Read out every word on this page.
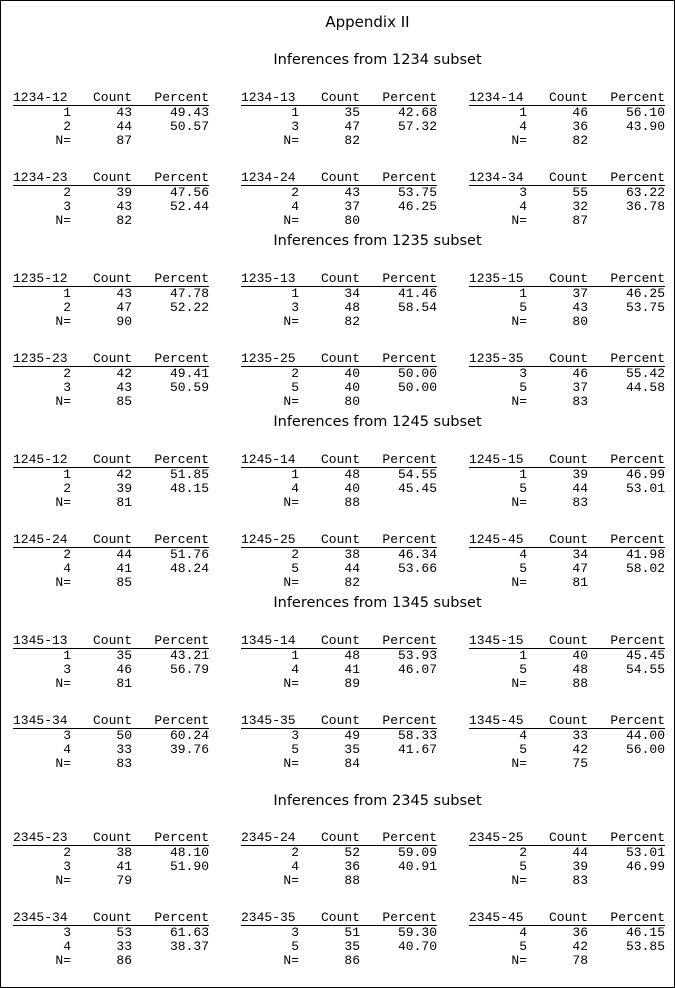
Appendix II
Inferences from 1234 subset
1234-12 Count Percent
1	43	49.43
2	44	50.57
N=	87
1234-13 Count Percent
1	35	42.68
3	47	57.32
N=	82
1234-14 Count Percent
1	46	56.10
4	36	43.90
N=	82
1234-23 Count Percent
2	39	47.56
3	43	52.44
N=	82
1234-24 Count Percent
2	43	53.75
4	37	46.25
N=	80
1234-34 Count Percent
3	55	63.22
4	32	36.78
N=	87
Inferences from 1235 subset
1235-12 Count Percent
1	43	47.78
2	47	52.22
N=	90
1235-13 Count Percent
1	34	41.46
3	48	58.54
N=	82
1235-15 Count Percent
1	37	46.25
5	43	53.75
N=	80
1235-23 Count Percent
2	42	49.41
3	43	50.59
N=	85
1235-25 Count Percent
2	40	50.00
5	40	50.00
N=	80
1235-35 Count Percent
3	46	55.42
5	37	44.58
N=	83
Inferences from 1245 subset
1245-12 Count Percent
1	42	51.85
2	39	48.15
N=	81
1245-14 Count Percent
1	48	54.55
4	40	45.45
N=	88
1245-15 Count Percent
1	39	46.99
5	44	53.01
N=	83
1245-24 Count Percent
2	44	51.76
4	41	48.24
N=	85
1245-25 Count Percent
2	38	46.34
5	44	53.66
N=	82
1245-45 Count Percent
4	34	41.98
5	47	58.02
N=	81
Inferences from 1345 subset
1345-13 Count Percent
1	35	43.21
3	46	56.79
N=	81
1345-14 Count Percent
1	48	53.93
4	41	46.07
N=	89
1345-15 Count Percent
1	40	45.45
5	48	54.55
N=	88
1345-34 Count Percent
3	50	60.24
4	33	39.76
N=	83
1345-35 Count Percent
3	49	58.33
5	35	41.67
N=	84
1345-45 Count Percent
4	33	44.00
5	42	56.00
N=	75
Inferences from 2345 subset
2345-23 Count Percent
2	38	48.10
3	41	51.90
N=	79
2345-24 Count Percent
2	52	59.09
4	36	40.91
N=	88
2345-25 Count Percent
2	44	53.01
5	39	46.99
N=	83
2345-34 Count Percent
3	53	61.63
4	33	38.37
N=	86
2345-35 Count Percent
3	51	59.30
5	35	40.70
N=	86
2345-45 Count Percent
4	36	46.15
5	42	53.85
N=	78
